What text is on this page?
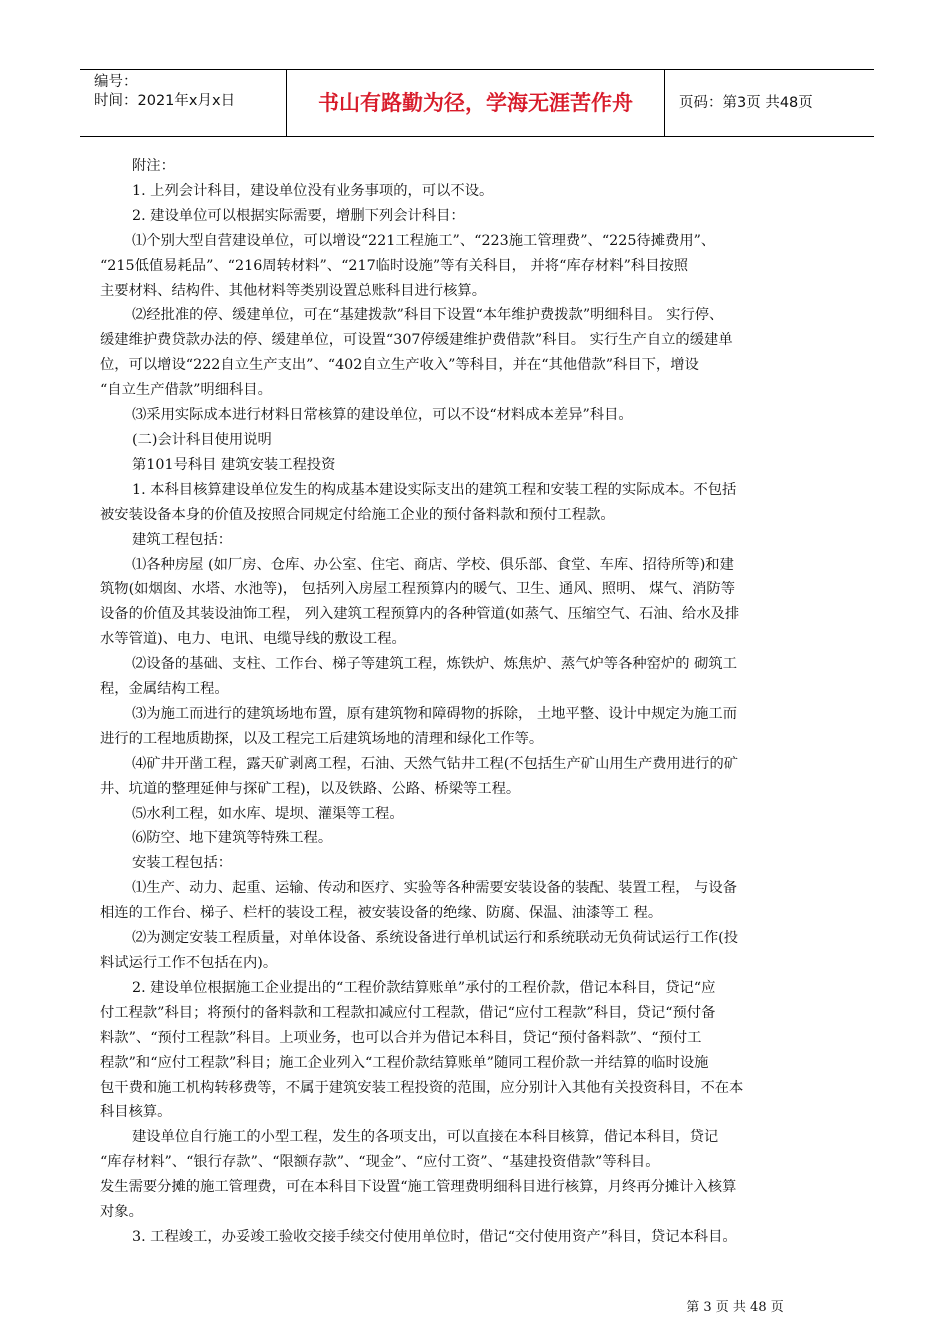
编号：
时间：2021年x月x日	书山有路勤为径，学海无涯苦作舟	页码：第3页 共48页

附注：

1. 上列会计科目，建设单位没有业务事项的，可以不设。

2. 建设单位可以根据实际需要，增删下列会计科目：

⑴个别大型自营建设单位，可以增设“221工程施工”、“223施工管理费”、“225待摊费用”、

“215低值易耗品”、“216周转材料”、“217临时设施”等有关科目， 并将“库存材料”科目按照

主要材料、结构件、其他材料等类别设置总账科目进行核算。

⑵经批准的停、缓建单位，可在“基建拨款”科目下设置“本年维护费拨款”明细科目。 实行停、

缓建维护费贷款办法的停、缓建单位，可设置“307停缓建维护费借款”科目。 实行生产自立的缓建单

位，可以增设“222自立生产支出”、“402自立生产收入”等科目，并在“其他借款”科目下，增设

“自立生产借款”明细科目。

⑶采用实际成本进行材料日常核算的建设单位，可以不设“材料成本差异”科目。

(二)会计科目使用说明

第101号科目 建筑安装工程投资

1. 本科目核算建设单位发生的构成基本建设实际支出的建筑工程和安装工程的实际成本。不包括

被安装设备本身的价值及按照合同规定付给施工企业的预付备料款和预付工程款。

建筑工程包括：

⑴各种房屋 (如厂房、仓库、办公室、住宅、商店、学校、俱乐部、食堂、车库、招待所等)和建

筑物(如烟囱、水塔、水池等)， 包括列入房屋工程预算内的暖气、卫生、通风、照明、 煤气、消防等

设备的价值及其装设油饰工程， 列入建筑工程预算内的各种管道(如蒸气、压缩空气、石油、给水及排

水等管道)、电力、电讯、电缆导线的敷设工程。

⑵设备的基础、支柱、工作台、梯子等建筑工程，炼铁炉、炼焦炉、蒸气炉等各种窑炉的 砌筑工

程，金属结构工程。

⑶为施工而进行的建筑场地布置，原有建筑物和障碍物的拆除， 土地平整、设计中规定为施工而

进行的工程地质勘探，以及工程完工后建筑场地的清理和绿化工作等。

⑷矿井开凿工程，露天矿剥离工程，石油、天然气钻井工程(不包括生产矿山用生产费用进行的矿

井、坑道的整理延伸与探矿工程)，以及铁路、公路、桥梁等工程。

⑸水利工程，如水库、堤坝、灌渠等工程。

⑹防空、地下建筑等特殊工程。

安装工程包括：

⑴生产、动力、起重、运输、传动和医疗、实验等各种需要安装设备的装配、装置工程， 与设备

相连的工作台、梯子、栏杆的装设工程，被安装设备的绝缘、防腐、保温、油漆等工 程。

⑵为测定安装工程质量，对单体设备、系统设备进行单机试运行和系统联动无负荷试运行工作(投

料试运行工作不包括在内)。

2. 建设单位根据施工企业提出的“工程价款结算账单”承付的工程价款，借记本科目，贷记“应

付工程款”科目；将预付的备料款和工程款扣减应付工程款，借记“应付工程款”科目，贷记“预付备

料款”、“预付工程款”科目。上项业务，也可以合并为借记本科目，贷记“预付备料款”、“预付工

程款”和“应付工程款”科目；施工企业列入“工程价款结算账单”随同工程价款一并结算的临时设施

包干费和施工机构转移费等，不属于建筑安装工程投资的范围，应分别计入其他有关投资科目，不在本

科目核算。

建设单位自行施工的小型工程，发生的各项支出，可以直接在本科目核算，借记本科目，贷记

“库存材料”、“银行存款”、“限额存款”、“现金”、“应付工资”、“基建投资借款”等科目。

发生需要分摊的施工管理费，可在本科目下设置“施工管理费明细科目进行核算，月终再分摊计入核算

对象。

3. 工程竣工，办妥竣工验收交接手续交付使用单位时，借记“交付使用资产”科目，贷记本科目。

第 3 页 共 48 页
